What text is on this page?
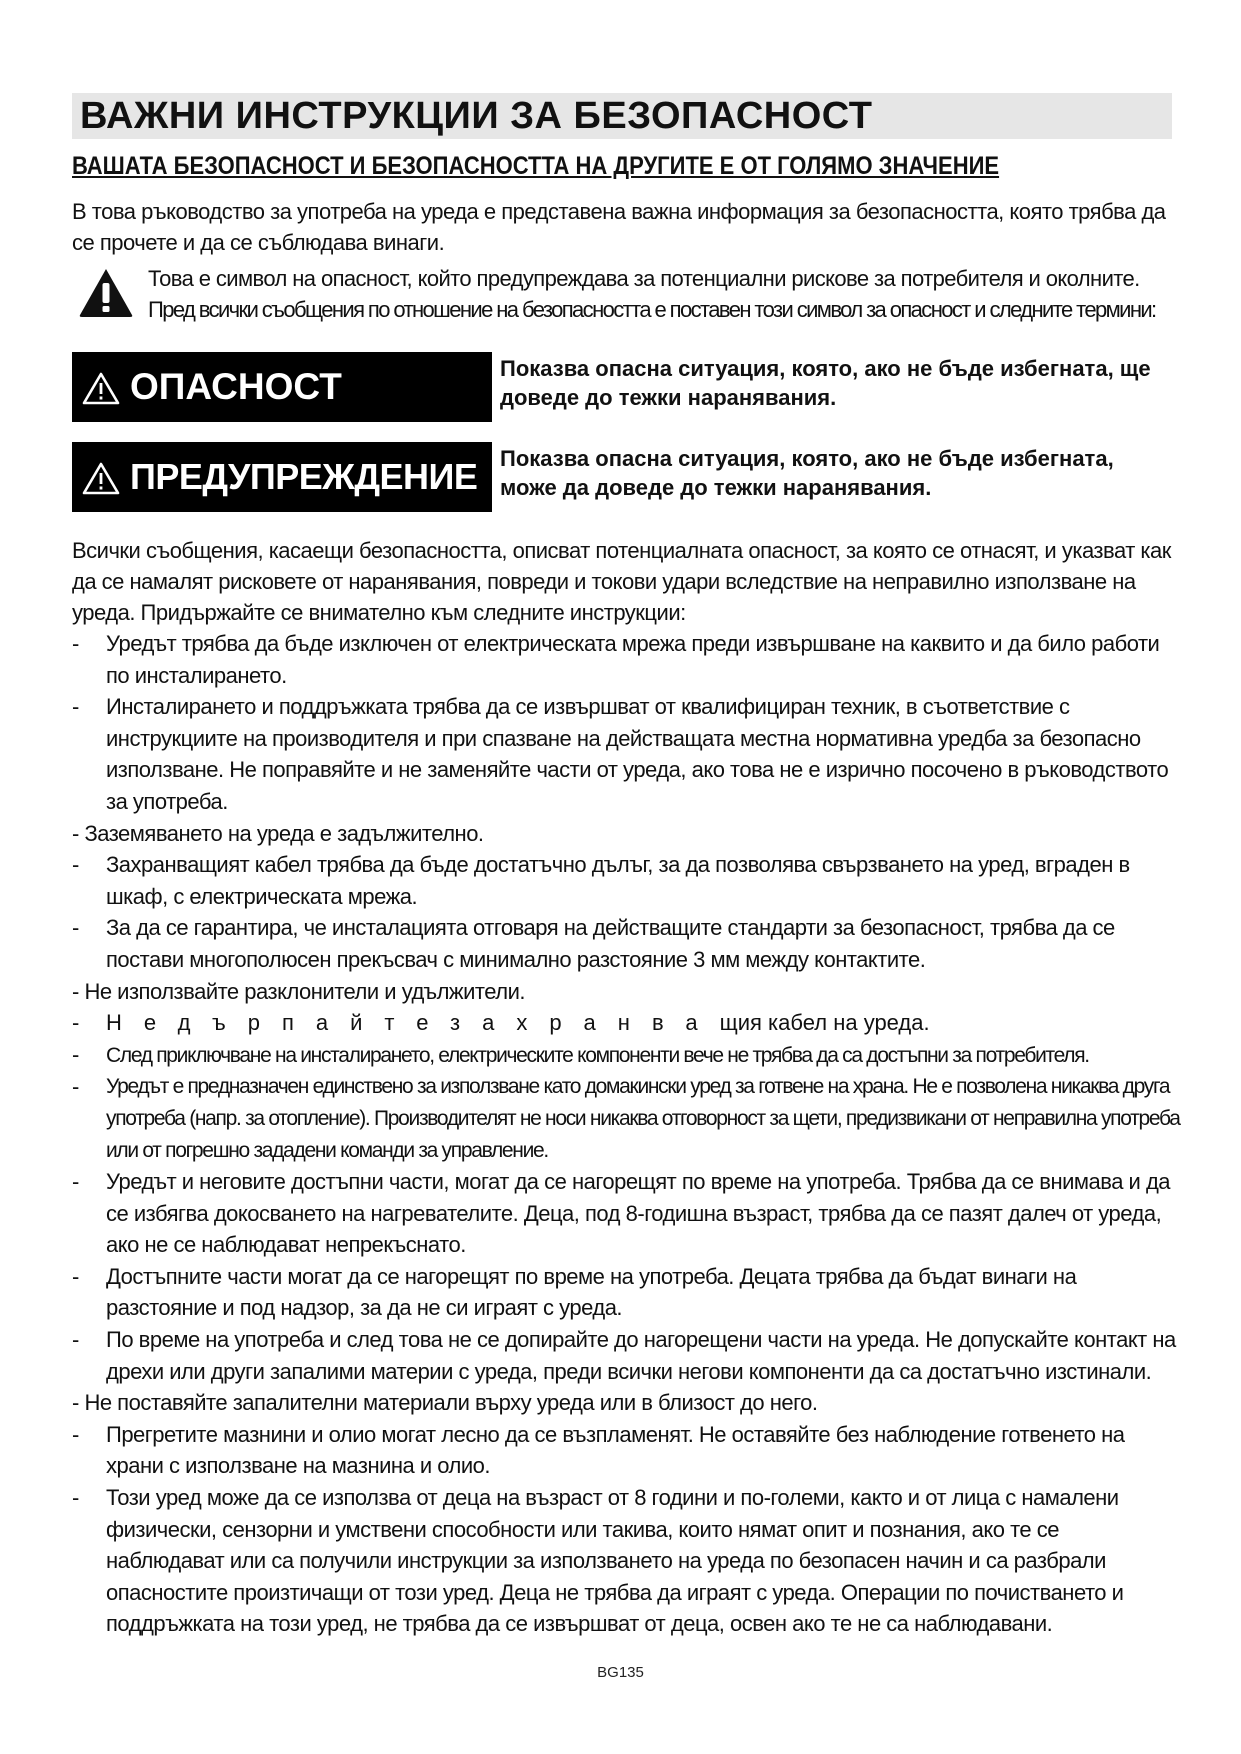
ВАЖНИ ИНСТРУКЦИИ ЗА БЕЗОПАСНОСТ

ВАШАТА БЕЗОПАСНОСТ И БЕЗОПАСНОСТТА НА ДРУГИТЕ Е ОТ ГОЛЯМО ЗНАЧЕНИЕ

В това ръководство за употреба на уреда е представена важна информация за безопасността, която трябва да се прочете и да се съблюдава винаги.

Това е символ на опасност, който предупреждава за потенциални рискове за потребителя и околните.
Пред всички съобщения по отношение на безопасността е поставен този символ за опасност и следните термини:

ОПАСНОСТ	Показва опасна ситуация, която, ако не бъде избегната, ще доведе до тежки наранявания.

ПРЕДУПРЕЖДЕНИЕ Показва опасна ситуация, която, ако не бъде избегната, може да доведе до тежки наранявания.

Всички съобщения, касаещи безопасността, описват потенциалната опасност, за която се отнасят, и указват как да се намалят рисковете от наранявания, повреди и токови удари вследствие на неправилно използване на уреда. Придържайте се внимателно към следните инструкции:

- Уредът трябва да бъде изключен от електрическата мрежа преди извършване на каквито и да било работи по инсталирането.
- Инсталирането и поддръжката трябва да се извършват от квалифициран техник, в съответствие с инструкциите на производителя и при спазване на действащата местна нормативна уредба за безопасно използване. Не поправяйте и не заменяйте части от уреда, ако това не е изрично посочено в ръководството за употреба.
- Заземяването на уреда е задължително.
- Захранващият кабел трябва да бъде достатъчно дълъг, за да позволява свързването на уред, вграден в шкаф, с електрическата мрежа.
- За да се гарантира, че инсталацията отговаря на действащите стандарти за безопасност, трябва да се постави многополюсен прекъсвач с минимално разстояние 3 мм между контактите.
- Не използвайте разклонители и удължители.
- Недърпайтезахранващия кабел на уреда.
- След приключване на инсталирането, електрическите компоненти вече не трябва да са достъпни за потребителя.
- Уредът е предназначен единствено за използване като домакински уред за готвене на храна. Не е позволена никаква друга употреба (напр. за отопление). Производителят не носи никаква отговорност за щети, предизвикани от неправилна употреба или от погрешно зададени команди за управление.
- Уредът и неговите достъпни части, могат да се нагорещят по време на употреба. Трябва да се внимава и да се избягва докосването на нагревателите. Деца, под 8-годишна възраст, трябва да се пазят далеч от уреда, ако не се наблюдават непрекъснато.
- Достъпните части могат да се нагорещят по време на употреба. Децата трябва да бъдат винаги на разстояние и под надзор, за да не си играят с уреда.
- По време на употреба и след това не се допирайте до нагорещени части на уреда. Не допускайте контакт на дрехи или други запалими материи с уреда, преди всички негови компоненти да са достатъчно изстинали.
- Не поставяйте запалителни материали върху уреда или в близост до него.
- Прегретите мазнини и олио могат лесно да се възпламенят. Не оставяйте без наблюдение готвенето на храни с използване на мазнина и олио.
- Този уред може да се използва от деца на възраст от 8 години и по-големи, както и от лица с намалени физически, сензорни и умствени способности или такива, които нямат опит и познания, ако те се наблюдават или са получили инструкции за използването на уреда по безопасен начин и са разбрали опасностите произтичащи от този уред. Деца не трябва да играят с уреда. Операции по почистването и поддръжката на този уред, не трябва да се извършват от деца, освен ако те не са наблюдавани.
BG135
